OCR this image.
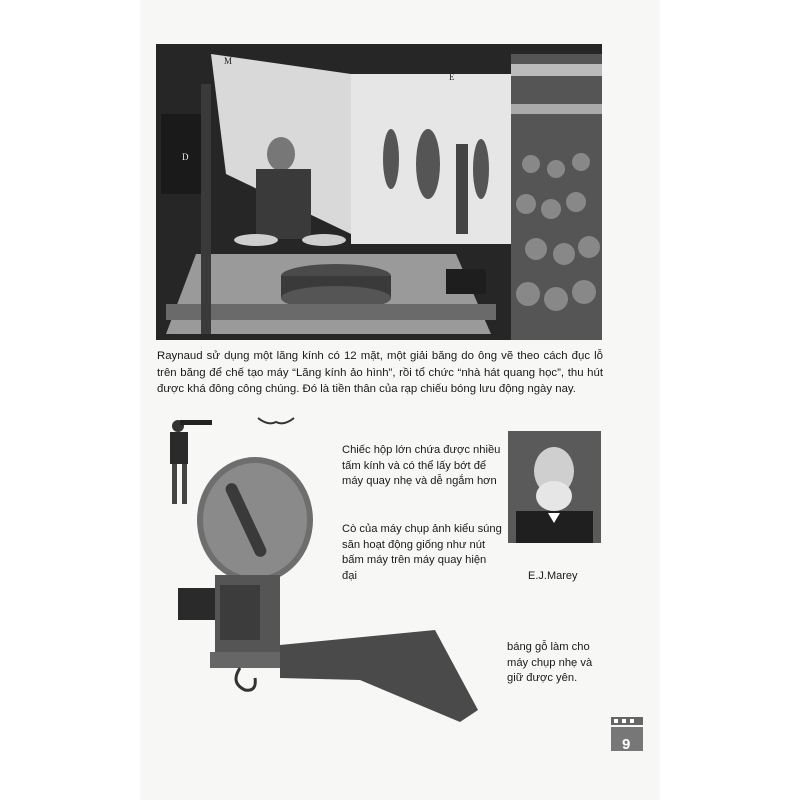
M
E
D
Raynaud sử dụng một lăng kính có 12 mặt, một giải băng do ông vẽ theo cách đục lỗ trên băng để chế tạo máy “Lăng kính ảo hình”, rồi tổ chức “nhà hát quang học”, thu hút được khá đông công chúng. Đó là tiền thân của rạp chiếu bóng lưu động ngày nay.
Chiếc hộp lớn chứa được nhiều tấm kính và có thể lấy bớt để máy quay nhẹ và dễ ngắm hơn
Cò của máy chụp ảnh kiểu súng săn hoạt động giống như nút bấm máy trên máy quay hiện đại
báng gỗ làm cho máy chụp nhẹ và giữ được yên.
E.J.Marey
9
